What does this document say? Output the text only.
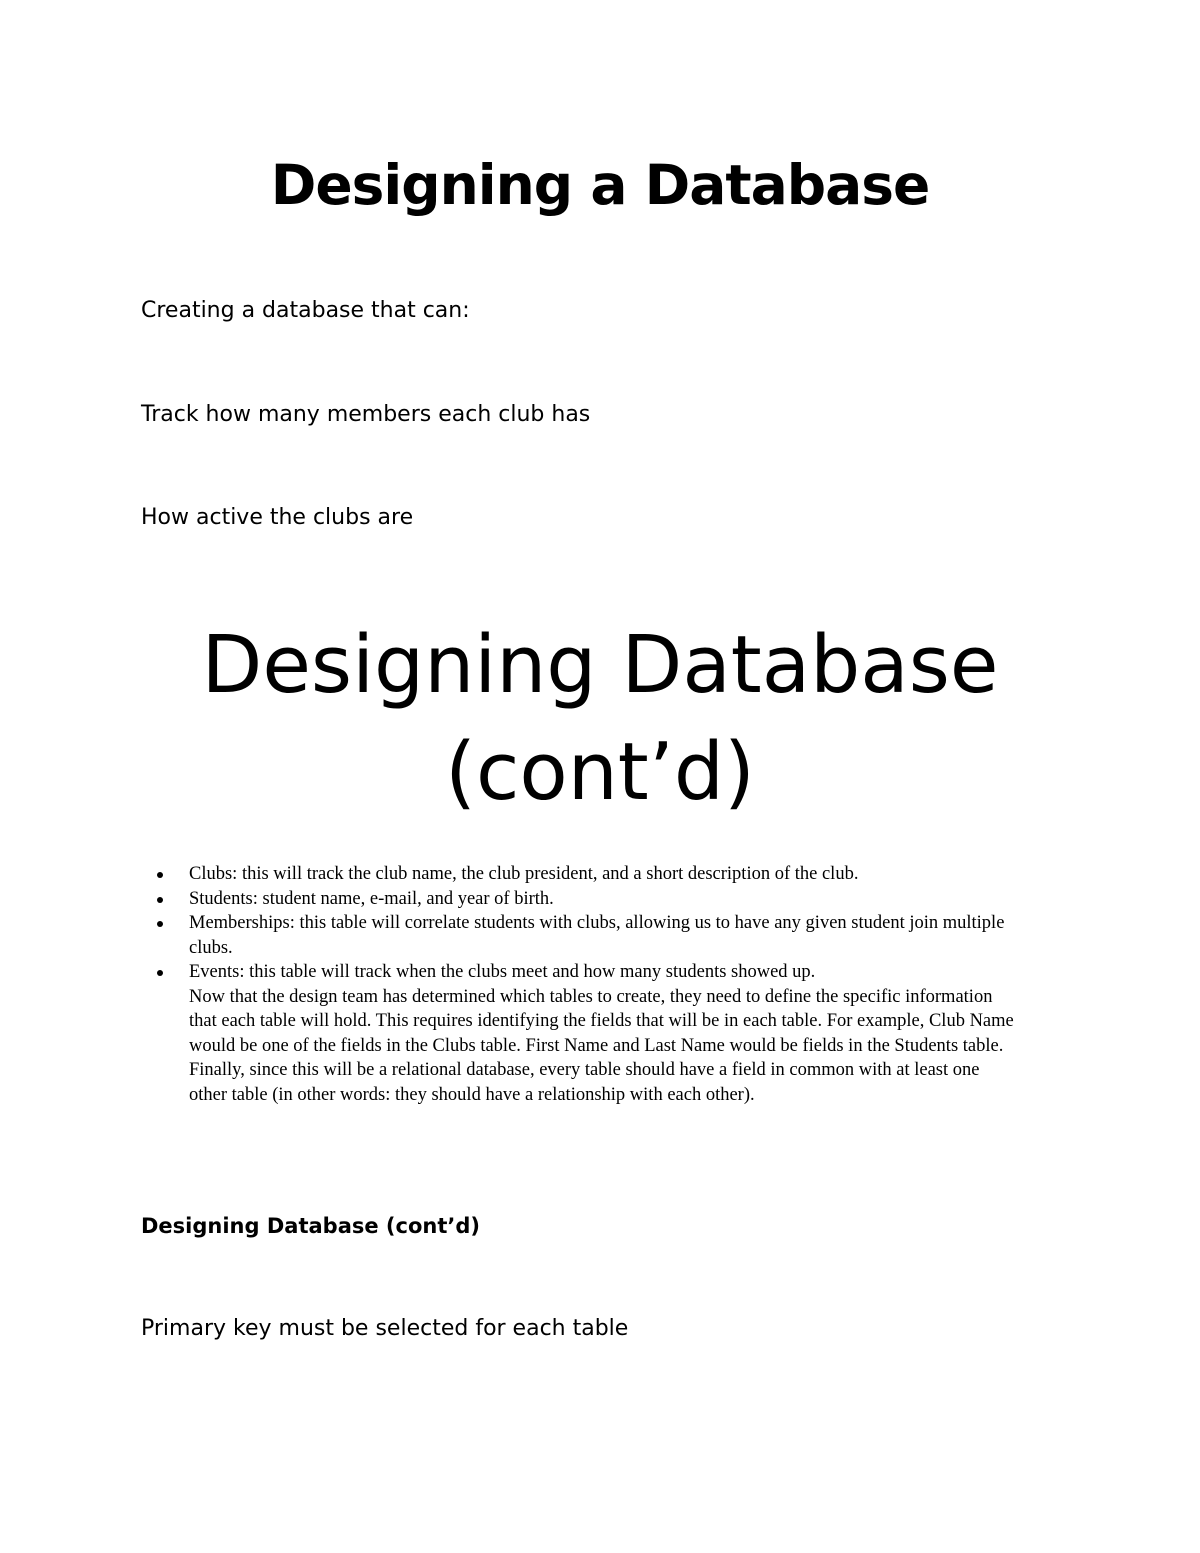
Designing a Database
Creating a database that can:
Track how many members each club has
How active the clubs are
Designing Database
(cont’d)
Clubs: this will track the club name, the club president, and a short description of the club.
Students: student name, e-mail, and year of birth.
Memberships: this table will correlate students with clubs, allowing us to have any given student join multiple clubs.
Events: this table will track when the clubs meet and how many students showed up.
Now that the design team has determined which tables to create, they need to define the specific information that each table will hold. This requires identifying the fields that will be in each table. For example, Club Name would be one of the fields in the Clubs table. First Name and Last Name would be fields in the Students table. Finally, since this will be a relational database, every table should have a field in common with at least one other table (in other words: they should have a relationship with each other).
Designing Database (cont’d)
Primary key must be selected for each table
